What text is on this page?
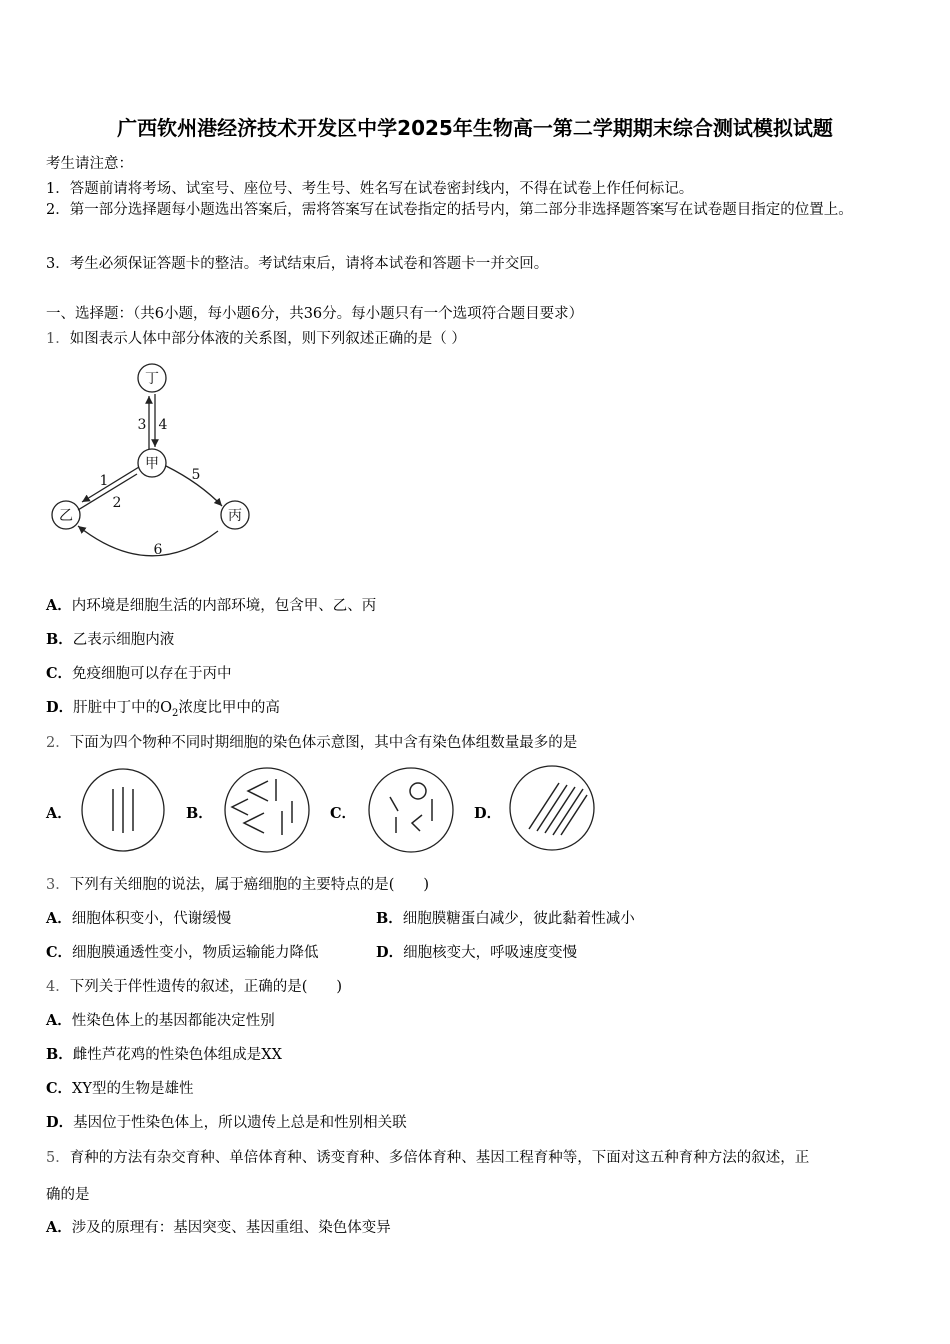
广西钦州港经济技术开发区中学2025年生物高一第二学期期末综合测试模拟试题
考生请注意：
1．答题前请将考场、试室号、座位号、考生号、姓名写在试卷密封线内，不得在试卷上作任何标记。
2．第一部分选择题每小题选出答案后，需将答案写在试卷指定的括号内，第二部分非选择题答案写在试卷题目指定的位置上。
3．考生必须保证答题卡的整洁。考试结束后，请将本试卷和答题卡一并交回。
一、选择题：（共6小题，每小题6分，共36分。每小题只有一个选项符合题目要求）
1．如图表示人体中部分体液的关系图，则下列叙述正确的是（ ）
丁
甲
乙	丙
3 4
1
2
5
6
A．内环境是细胞生活的内部环境，包含甲、乙、丙
B．乙表示细胞内液
C．免疫细胞可以存在于丙中
D．肝脏中丁中的$O_2$浓度比甲中的高
2．下面为四个物种不同时期细胞的染色体示意图，其中含有染色体组数量最多的是
A．	B．	C．	D．
3．下列有关细胞的说法，属于癌细胞的主要特点的是(　　)
A．细胞体积变小，代谢缓慢	B．细胞膜糖蛋白减少，彼此黏着性减小
C．细胞膜通透性变小，物质运输能力降低	D．细胞核变大，呼吸速度变慢
4．下列关于伴性遗传的叙述，正确的是(　　)
A．性染色体上的基因都能决定性别
B．雌性芦花鸡的性染色体组成是XX
C．XY型的生物是雄性
D．基因位于性染色体上，所以遗传上总是和性别相关联
5．育种的方法有杂交育种、单倍体育种、诱变育种、多倍体育种、基因工程育种等，下面对这五种育种方法的叙述，正
确的是
A．涉及的原理有：基因突变、基因重组、染色体变异
